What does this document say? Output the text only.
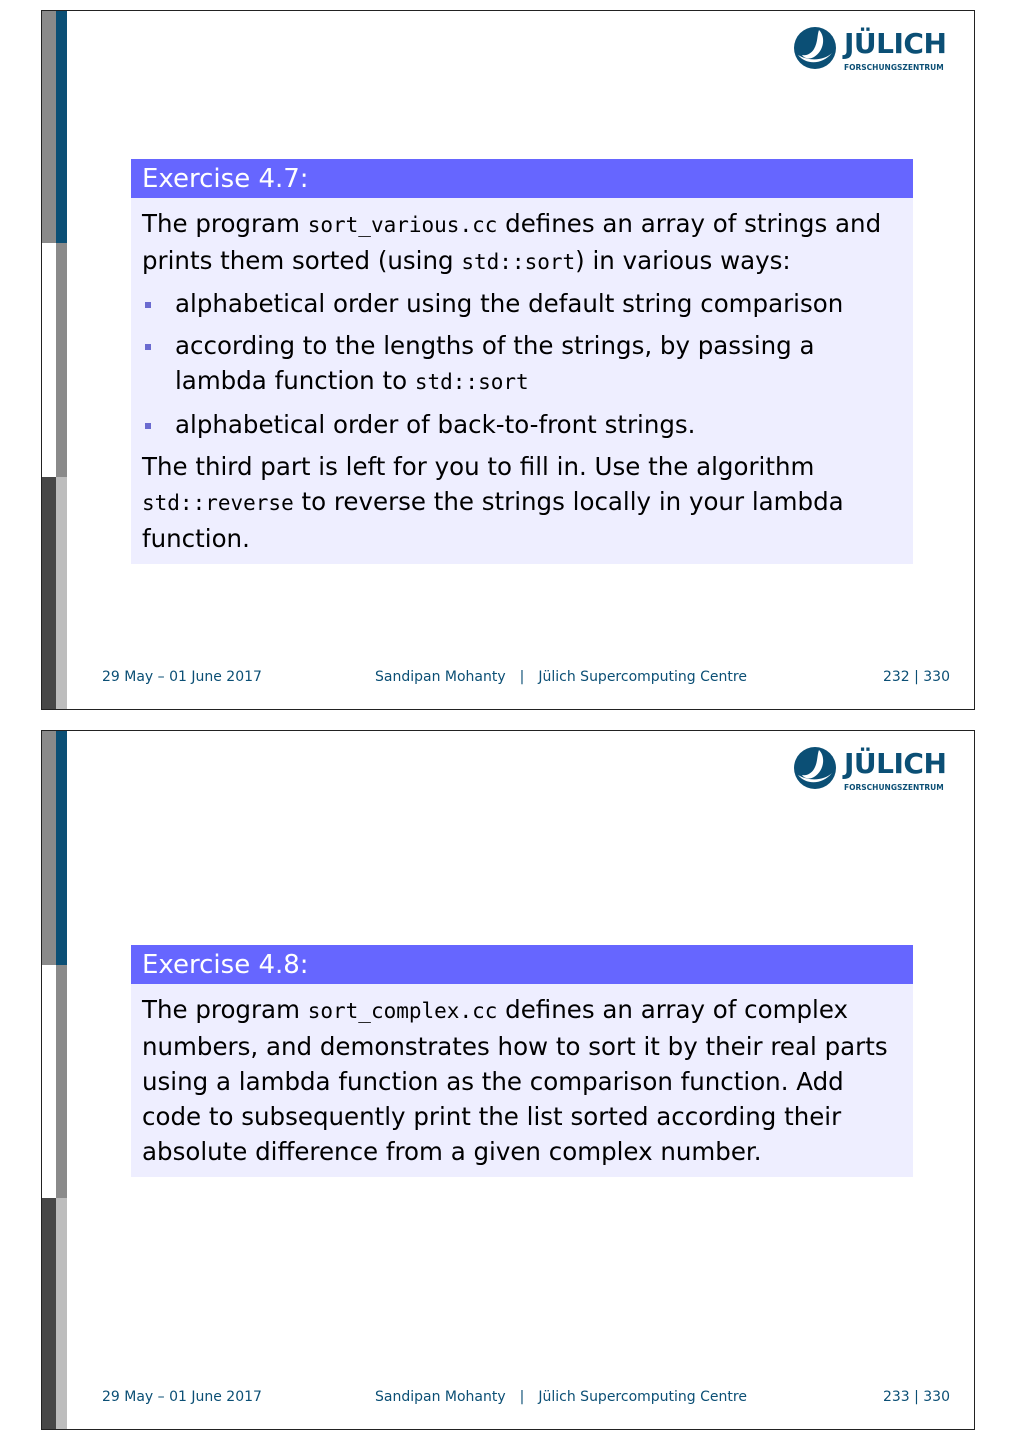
JÜLICH
FORSCHUNGSZENTRUM
Exercise 4.7:

The program sort_various.cc defines an array of strings and prints them sorted (using std::sort) in various ways:

alphabetical order using the default string comparison
according to the lengths of the strings, by passing a lambda function to std::sort
alphabetical order of back-to-front strings.

The third part is left for you to fill in. Use the algorithm std::reverse to reverse the strings locally in your lambda function.

29 May – 01 June 2017	Sandipan Mohanty | Jülich Supercomputing Centre	232 | 330
JÜLICH
FORSCHUNGSZENTRUM
Exercise 4.8:

The program sort_complex.cc defines an array of complex numbers, and demonstrates how to sort it by their real parts using a lambda function as the comparison function. Add code to subsequently print the list sorted according their absolute difference from a given complex number.

29 May – 01 June 2017	Sandipan Mohanty | Jülich Supercomputing Centre	233 | 330
